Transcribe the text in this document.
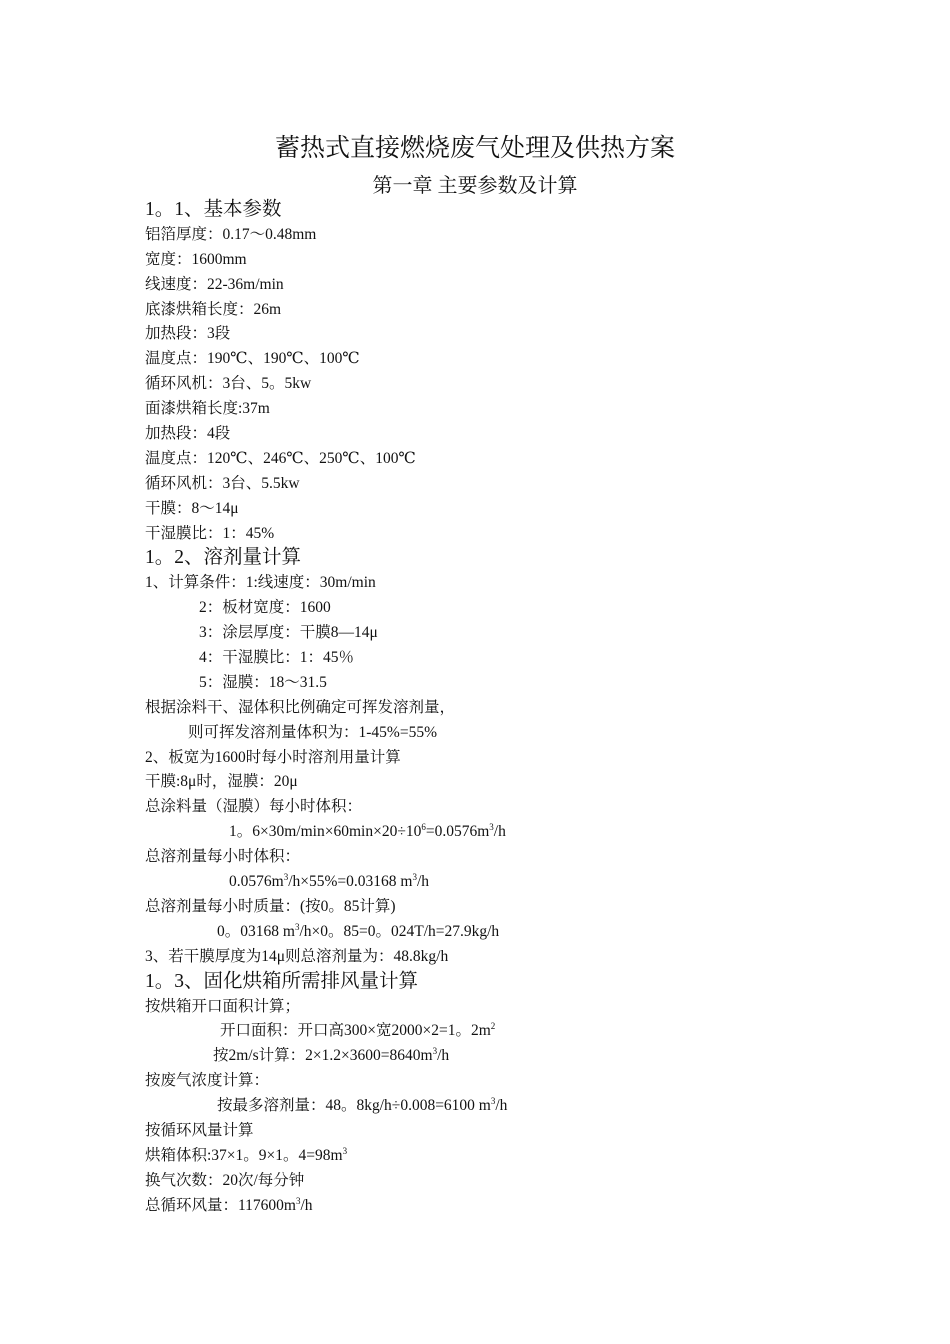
蓄热式直接燃烧废气处理及供热方案
第一章 主要参数及计算
1。1、基本参数
铝箔厚度：0.17～0.48mm
宽度：1600mm
线速度：22-36m/min
底漆烘箱长度：26m
加热段：3段
温度点：190℃、190℃、100℃
循环风机：3台、5。5kw
面漆烘箱长度:37m
加热段：4段
温度点：120℃、246℃、250℃、100℃
循环风机：3台、5.5kw
干膜：8～14μ
干湿膜比：1：45%
1。2、溶剂量计算
1、计算条件：1:线速度：30m/min
2：板材宽度：1600
3：涂层厚度：干膜8—14μ
4：干湿膜比：1：45％
5：湿膜：18～31.5
根据涂料干、湿体积比例确定可挥发溶剂量，
则可挥发溶剂量体积为：1-45%=55%
2、板宽为1600时每小时溶剂用量计算
干膜:8μ时，湿膜：20μ
总涂料量（湿膜）每小时体积：
1。$6\times 30m/\min\times 60\min\times 20\div 10^6=0.0576m^3/h$
总溶剂量每小时体积：
$0.0576m^3/h\times 55\%=0.03168$ $m^3/h$
总溶剂量每小时质量：(按0。85计算)
0。03168 $m^3/h\times 0$。85=0。024T/h=27.9kg/h
3、若干膜厚度为14μ则总溶剂量为：48.8kg/h
1。3、固化烘箱所需排风量计算
按烘箱开口面积计算；
开口面积：开口高300×宽2000×2=1。$2m^2$
按2m/s计算：$2\times 1.2\times 3600=8640m^3/h$
按废气浓度计算：
按最多溶剂量：48。8kg/h÷0.008=6100 $m^3/h$
按循环风量计算
烘箱体积:37×1。9×1。$4=98m^3$
换气次数：20次/每分钟
总循环风量：$117600m^3/h$
